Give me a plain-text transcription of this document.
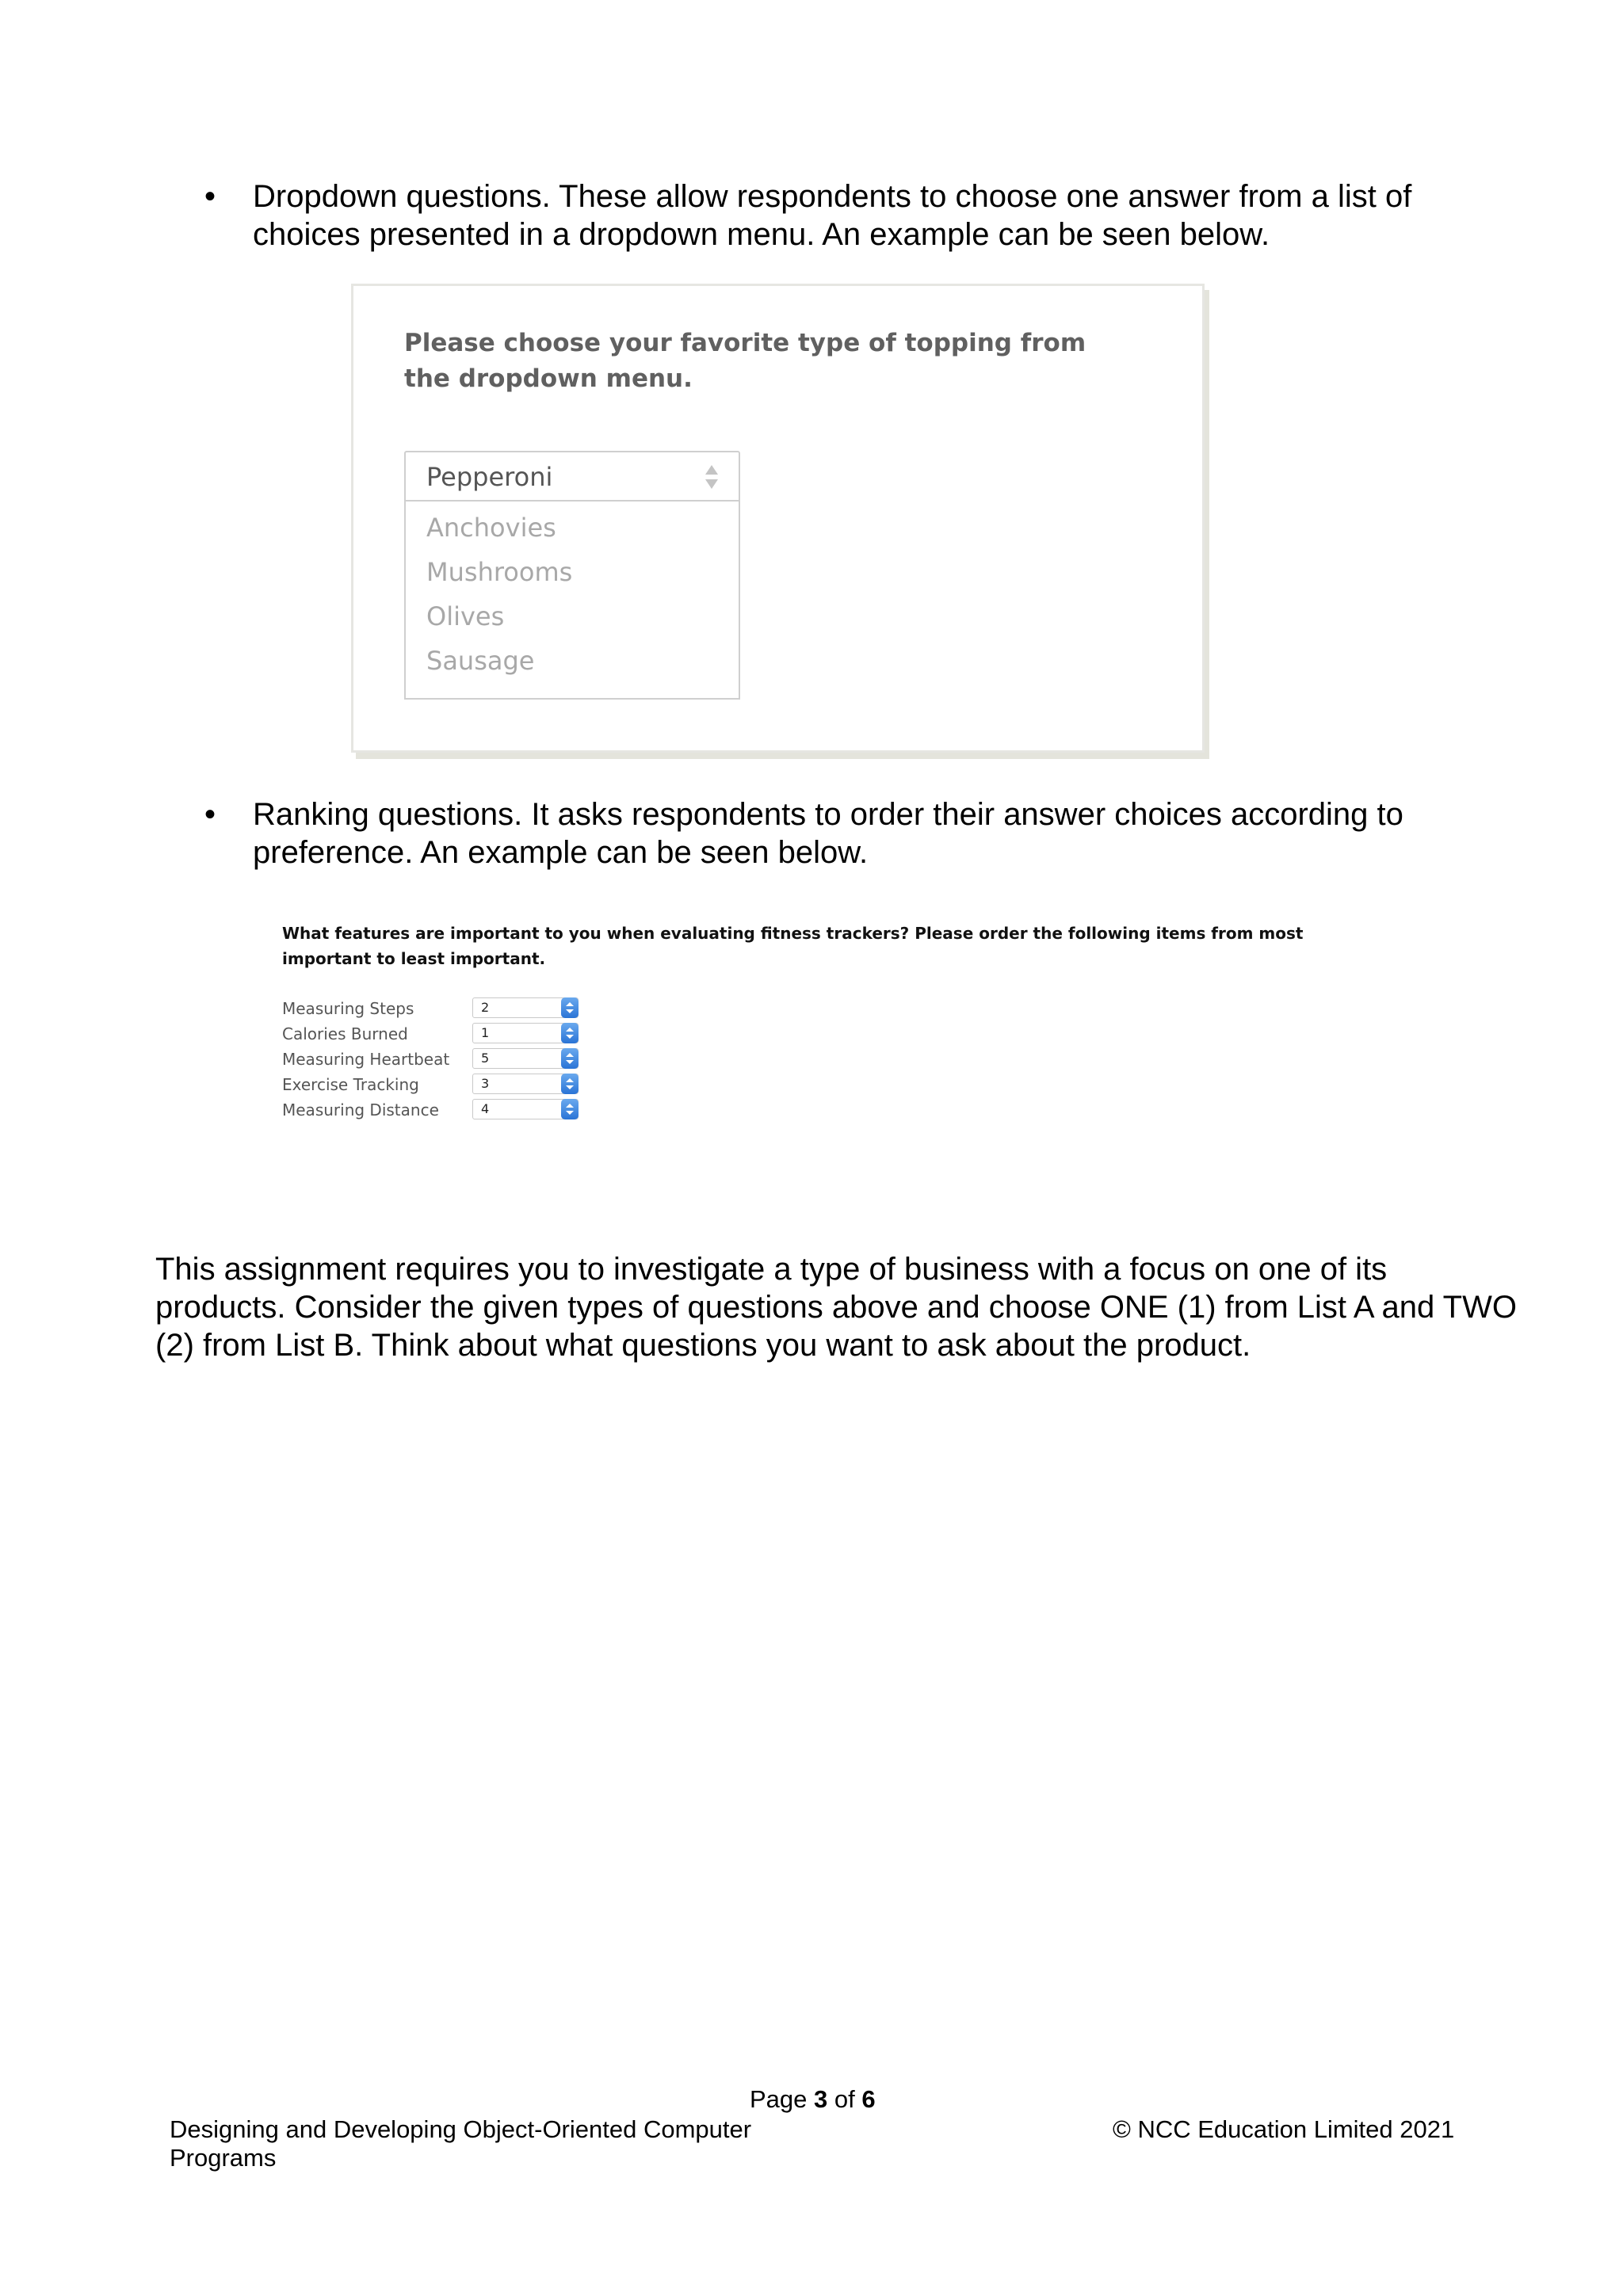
• Dropdown questions. These allow respondents to choose one answer from a list of choices presented in a dropdown menu. An example can be seen below.
Please choose your favorite type of topping from the dropdown menu.
Pepperoni
Anchovies
Mushrooms
Olives
Sausage
• Ranking questions. It asks respondents to order their answer choices according to preference. An example can be seen below.
What features are important to you when evaluating fitness trackers? Please order the following items from most important to least important.
Measuring Steps	2
Calories Burned	1
Measuring Heartbeat 5
Exercise Tracking	3
Measuring Distance	4
This assignment requires you to investigate a type of business with a focus on one of its products. Consider the given types of questions above and choose ONE (1) from List A and TWO (2) from List B. Think about what questions you want to ask about the product.
Page 3 of 6
Designing and Developing Object-Oriented Computer Programs
© NCC Education Limited 2021
